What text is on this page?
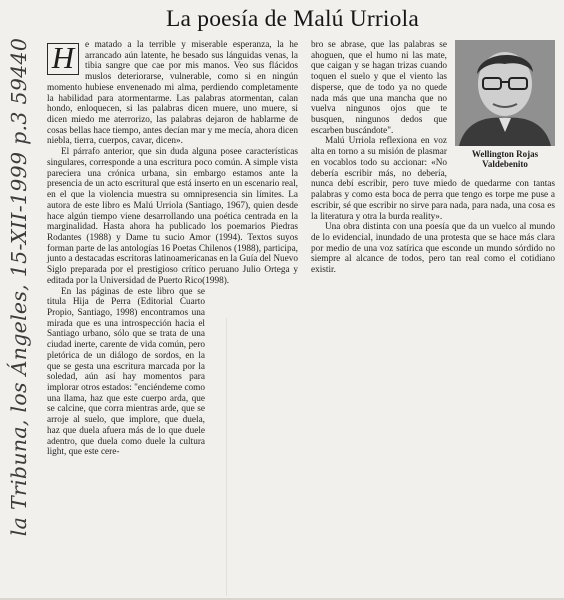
la Tribuna, los Ángeles, 15-XII-1999 p.3 59440
La poesía de Malú Urriola

H	e matado a la terrible y miserable esperanza, la he arrancado aún latente, he besado sus lánguidas venas, la tibia sangre que cae por mis manos. Veo sus flácidos muslos deteriorarse, vulnerable, como si en ningún momento hubiese envenenado mi alma, perdiendo completamente la habilidad para atormentarme. Las palabras atormentan, calan hondo, enloquecen, si las palabras dicen muere, uno muere, si dicen miedo me aterrorizo, las palabras dejaron de hablarme de cosas bellas hace tiempo, antes decían mar y me mecía, ahora dicen niebla, tierra, cuerpos, cavar, dicen».

El párrafo anterior, que sin duda alguna posee características singulares, corresponde a una escritura poco común. A simple vista pareciera una crónica urbana, sin embargo estamos ante la presencia de un acto escritural que está inserto en un escenario real, en el que la violencia muestra su omnipresencia sin límites. La autora de este libro es Malú Urriola (Santiago, 1967), quien desde hace algún tiempo viene desarrollando una poética centrada en la marginalidad. Hasta ahora ha publicado los poemarios Piedras Rodantes (1988) y Dame tu sucio Amor (1994). Textos suyos forman parte de las antologías 16 Poetas Chilenos (1988), participa, junto a destacadas escritoras latinoamericanas en la Guía del Nuevo Siglo preparada por el prestigioso crítico peruano Julio Ortega y editada por la Universidad de Puerto Rico(1998).

En las páginas de este libro que se titula Hija de Perra (Editorial Cuarto Propio, Santiago, 1998) encontramos una mirada que es una introspección hacia el Santiago urbano, sólo que se trata de una ciudad inerte, carente de vida común, pero pletórica de un diálogo de sordos, en la que se gesta una escritura marcada por la soledad, aún así hay momentos para implorar otros estados: "enciéndeme como una llama, haz que este cuerpo arda, que se calcine, que corra mientras arde, que se arroje al suelo, que implore, que duela, haz que duela afuera más de lo que duele adentro, que duela como duele la cultura light, que este cere-

Wellington Rojas
Valdebenito

bro se abrase, que las palabras se ahoguen, que el humo ni las mate, que caigan y se hagan trizas cuando toquen el suelo y que el viento las disperse, que de todo ya no quede nada más que una mancha que no vuelva ningunos ojos que te busquen, ningunos dedos que escarben buscándote".

Malú Urriola reflexiona en voz alta en torno a su misión de plasmar en vocablos todo su accionar: «No debería escribir más, no debería, nunca debí escribir, pero tuve miedo de quedarme con tantas palabras y como esta boca de perra que tengo es torpe me puse a escribir, sé que escribir no sirve para nada, para nada, una cosa es la literatura y otra la burda reality».

Una obra distinta con una poesía que da un vuelco al mundo de lo evidencial, inundado de una protesta que se hace más clara por medio de una voz satírica que esconde un mundo sórdido no siempre al alcance de todos, pero tan real como el cotidiano existir.
